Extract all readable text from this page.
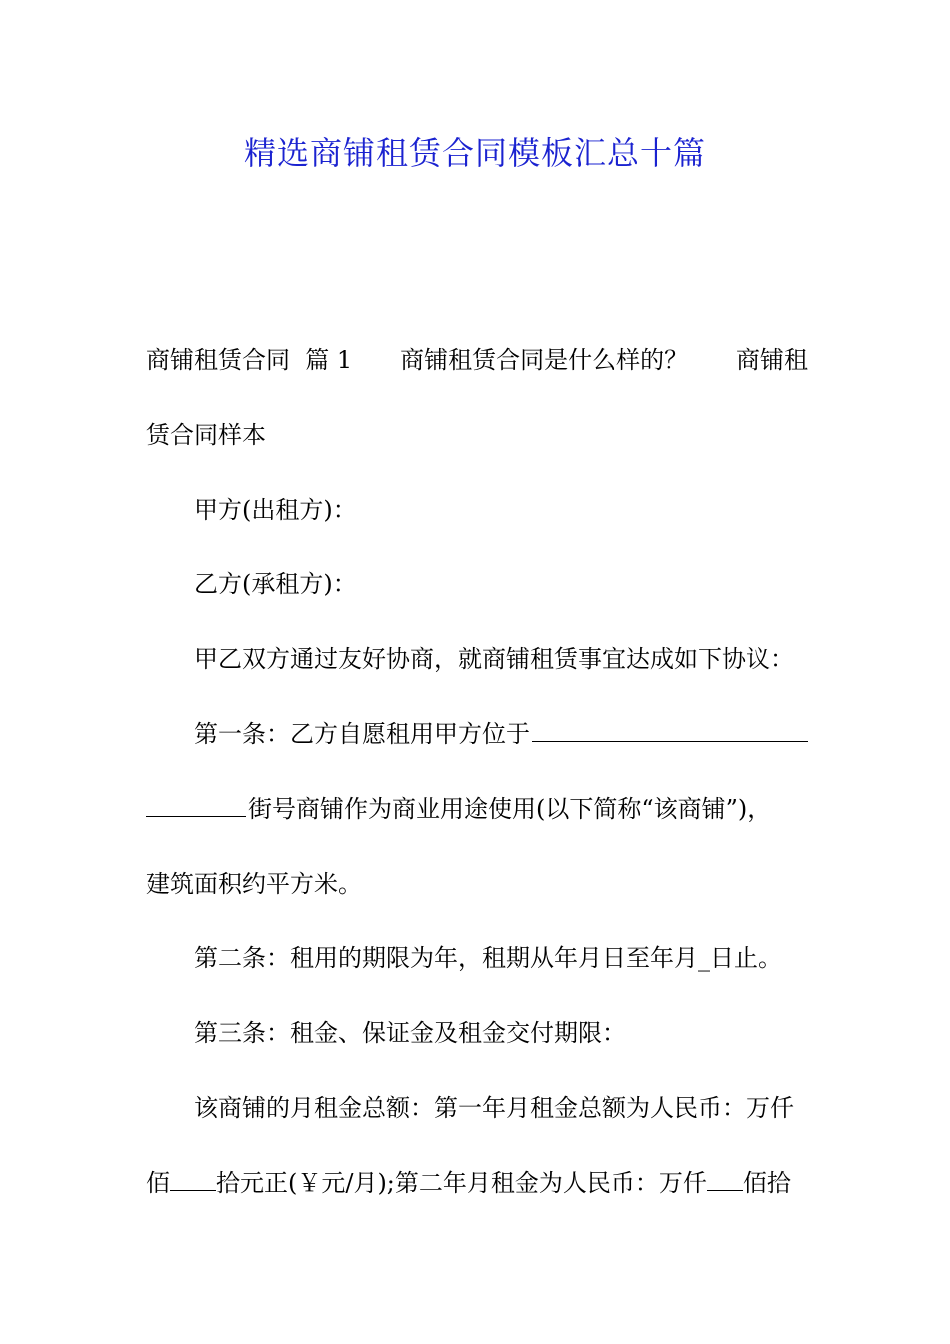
精选商铺租赁合同模板汇总十篇
商铺租赁合同  篇 1 商铺租赁合同是什么样的？ 商铺租
赁合同样本
甲方(出租方)：
乙方(承租方)：
甲乙双方通过友好协商，就商铺租赁事宜达成如下协议：
第一条：乙方自愿租用甲方位于
街号商铺作为商业用途使用(以下简称“该商铺”)，
建筑面积约平方米。
第二条：租用的期限为年，租期从年月日至年月_日止。
第三条：租金、保证金及租金交付期限：
该商铺的月租金总额：第一年月租金总额为人民币：万仟
佰 拾元正(￥元/月);第二年月租金为人民币：万仟 佰拾
